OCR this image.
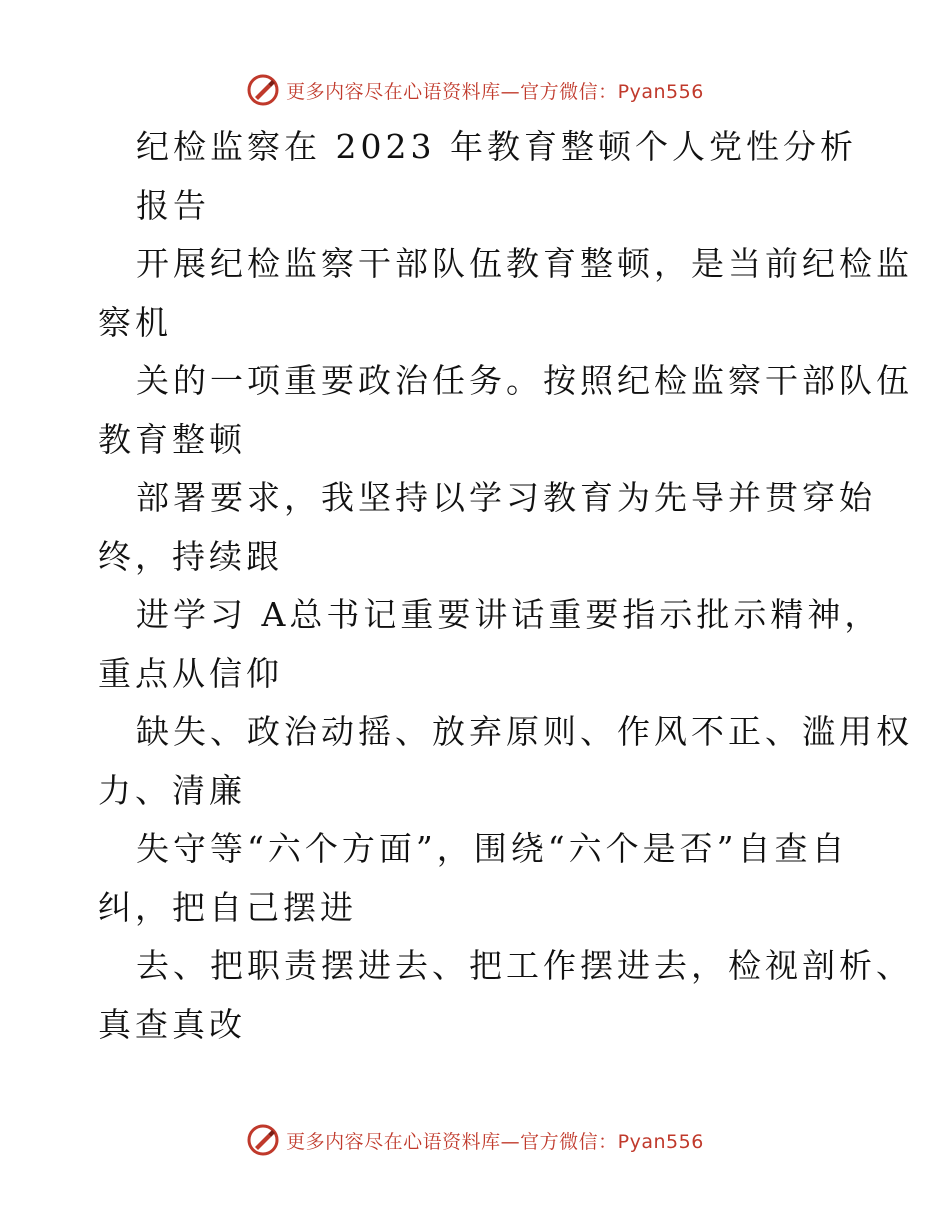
更多内容尽在心语资料库—官方微信：Pyan556
纪检监察在 2023 年教育整顿个人党性分析
报告
开展纪检监察干部队伍教育整顿，是当前纪检监
察机
关的一项重要政治任务。按照纪检监察干部队伍
教育整顿
部署要求，我坚持以学习教育为先导并贯穿始
终，持续跟
进学习 A总书记重要讲话重要指示批示精神，
重点从信仰
缺失、政治动摇、放弃原则、作风不正、滥用权
力、清廉
失守等“六个方面”，围绕“六个是否”自查自
纠，把自己摆进
去、把职责摆进去、把工作摆进去，检视剖析、
真查真改
更多内容尽在心语资料库—官方微信：Pyan556
